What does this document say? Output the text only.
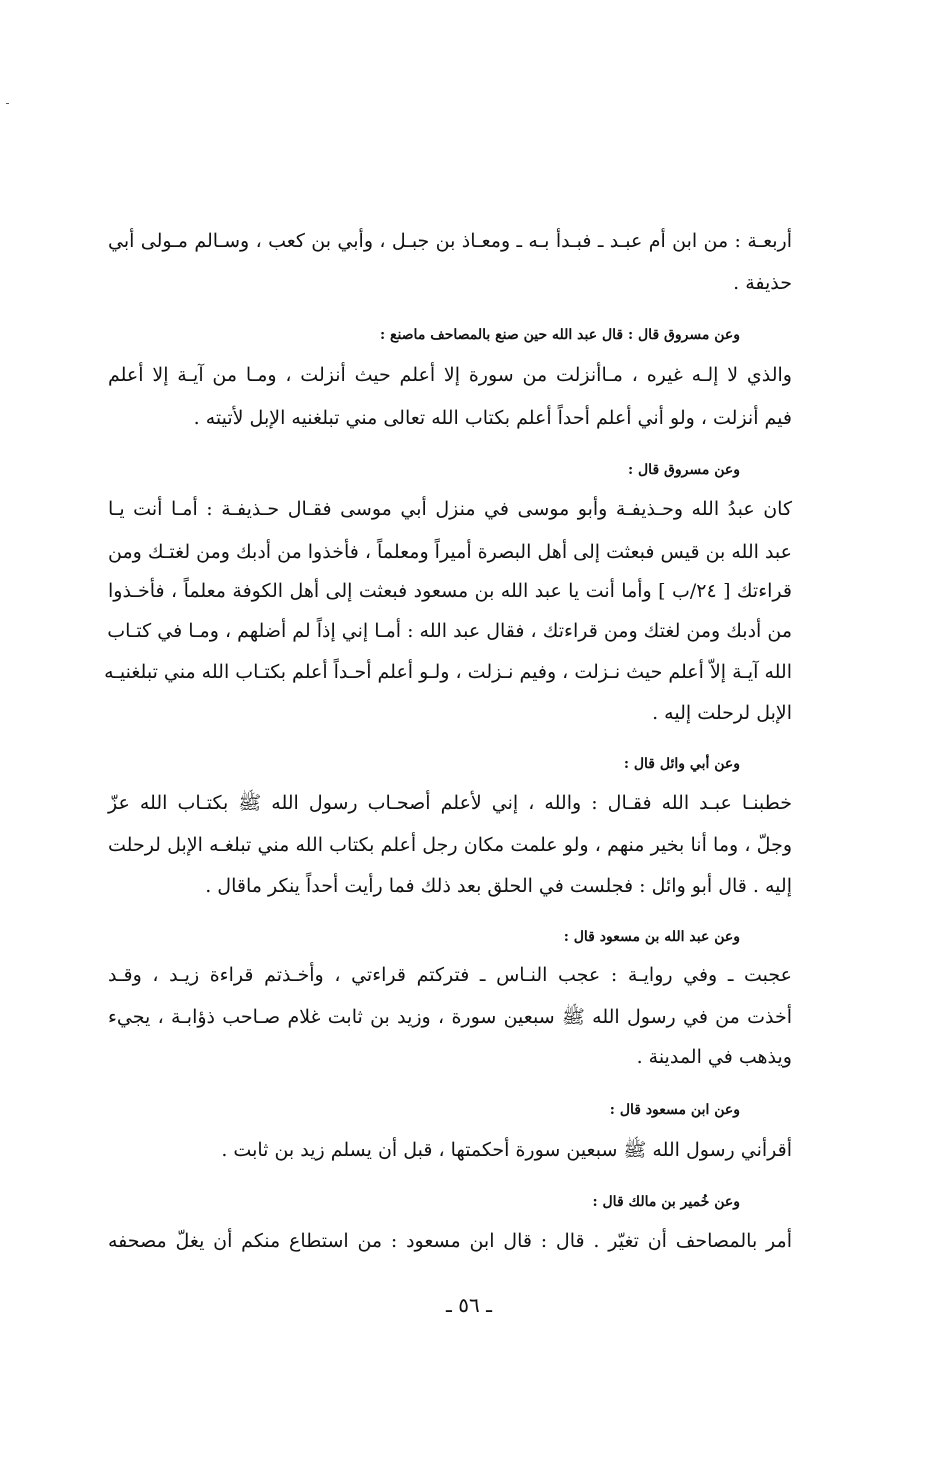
أربعـة : من ابن أم عبـد ـ فبـدأ بـه ـ ومعـاذ بن جبـل ، وأبي بن كعب ، وسـالم مـولى أبي
حذيفة .
وعن مسروق قال : قال عبد الله حين صنع بالمصاحف ماصنع :
والذي لا إلـه غيره ، مـاأنزلت من سورة إلا أعلم حيث أنزلت ، ومـا من آيـة إلا أعلم
فيم أنزلت ، ولو أني أعلم أحداً أعلم بكتاب الله تعالى مني تبلغنيه الإبل لأتيته .
وعن مسروق قال :
كان عبدُ الله وحـذيفـة وأبو موسى في منزل أبي موسى فقـال حـذيفـة : أمـا أنت يـا
عبد الله بن قيس فبعثت إلى أهل البصرة أميراً ومعلماً ، فأخذوا من أدبك ومن لغتـك ومن
قراءتك [ ٢٤/ب ] وأما أنت يا عبد الله بن مسعود فبعثت إلى أهل الكوفة معلماً ، فأخـذوا
من أدبك ومن لغتك ومن قراءتك ، فقال عبد الله : أمـا إني إذاً لم أضلهم ، ومـا في كتـاب
الله آيـة إلاّ أعلم حيث نـزلت ، وفيم نـزلت ، ولـو أعلم أحـداً أعلم بكتـاب الله مني تبلغنيـه
الإبل لرحلت إليه .
وعن أبي وائل قال :
خطبنـا عبـد الله فقـال : والله ، إني لأعلم أصحـاب رسول الله ﷺ بكتـاب الله عزّ
وجلّ ، وما أنا بخير منهم ، ولو علمت مكان رجل أعلم بكتاب الله مني تبلغـه الإبل لرحلت
إليه . قال أبو وائل : فجلست في الحلق بعد ذلك فما رأيت أحداً ينكر ماقال .
وعن عبد الله بن مسعود قال :
عجبت ـ وفي روايـة : عجب النـاس ـ فتركتم قراءتي ، وأخـذتم قراءة زيـد ، وقـد
أخذت من في رسول الله ﷺ سبعين سورة ، وزيد بن ثابت غلام صـاحب ذؤابـة ، يجيء
ويذهب في المدينة .
وعن ابن مسعود قال :
أقرأني رسول الله ﷺ سبعين سورة أحكمتها ، قبل أن يسلم زيد بن ثابت .
وعن خُمير بن مالك قال :
أمر بالمصاحف أن تغيّر . قال : قال ابن مسعود : من استطاع منكم أن يغلّ مصحفه
ـ ٥٦ ـ
